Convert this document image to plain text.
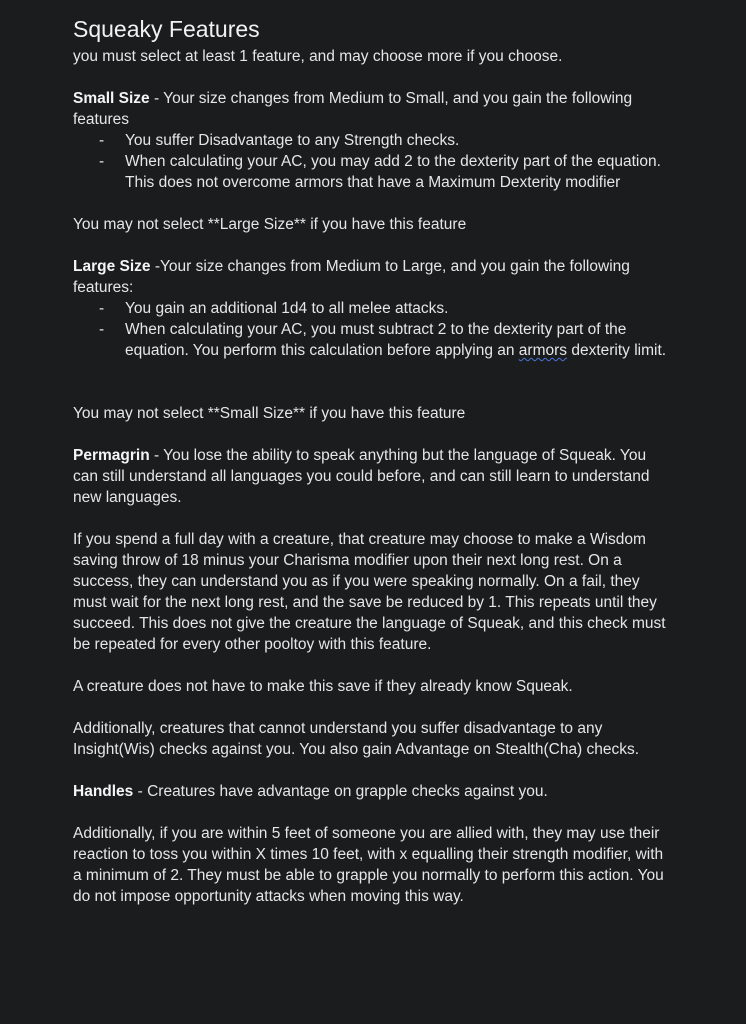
Squeaky Features

you must select at least 1 feature, and may choose more if you choose.

Small Size - Your size changes from Medium to Small, and you gain the following features

- You suffer Disadvantage to any Strength checks.
- When calculating your AC, you may add 2 to the dexterity part of the equation. This does not overcome armors that have a Maximum Dexterity modifier

You may not select **Large Size** if you have this feature

Large Size -Your size changes from Medium to Large, and you gain the following features:

- You gain an additional 1d4 to all melee attacks.
- When calculating your AC, you must subtract 2 to the dexterity part of the equation. You perform this calculation before applying an armors dexterity limit.

You may not select **Small Size** if you have this feature

Permagrin - You lose the ability to speak anything but the language of Squeak. You can still understand all languages you could before, and can still learn to understand new languages.

If you spend a full day with a creature, that creature may choose to make a Wisdom saving throw of 18 minus your Charisma modifier upon their next long rest. On a success, they can understand you as if you were speaking normally. On a fail, they must wait for the next long rest, and the save be reduced by 1. This repeats until they succeed. This does not give the creature the language of Squeak, and this check must be repeated for every other pooltoy with this feature.

A creature does not have to make this save if they already know Squeak.

Additionally, creatures that cannot understand you suffer disadvantage to any Insight(Wis) checks against you. You also gain Advantage on Stealth(Cha) checks.

Handles - Creatures have advantage on grapple checks against you.

Additionally, if you are within 5 feet of someone you are allied with, they may use their reaction to toss you within X times 10 feet, with x equalling their strength modifier, with a minimum of 2. They must be able to grapple you normally to perform this action. You do not impose opportunity attacks when moving this way.
